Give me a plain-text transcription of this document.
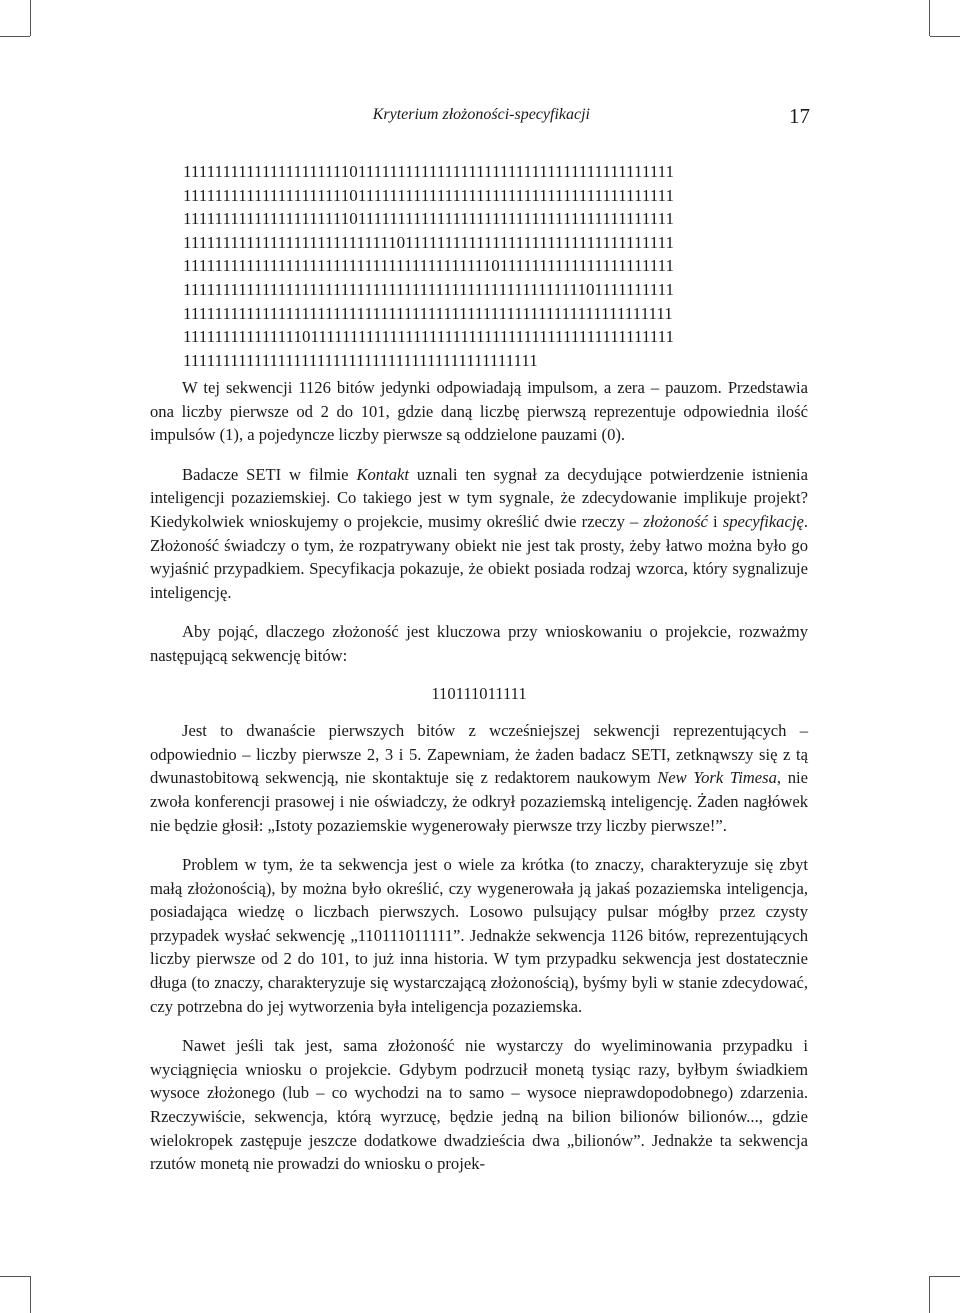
Kryterium złożoności-specyfikacji	17
11111111111111111111101111111111111111111111111111111111111111
11111111111111111111101111111111111111111111111111111111111111
11111111111111111111101111111111111111111111111111111111111111
11111111111111111111111111101111111111111111111111111111111111
11111111111111111111111111111111111111101111111111111111111111
11111111111111111111111111111111111111111111111111101111111111
11111111111111111111111111111111111111111111111111111111111111
11111111111111101111111111111111111111111111111111111111111111
111111111111111111111111111111111111111111111

W tej sekwencji 1126 bitów jedynki odpowiadają impulsom, a zera – pauzom. Przedstawia ona liczby pierwsze od 2 do 101, gdzie daną liczbę pierwszą reprezentuje odpowiednia ilość impulsów (1), a pojedyncze liczby pierwsze są oddzielone pauzami (0).

Badacze SETI w filmie Kontakt uznali ten sygnał za decydujące potwierdzenie istnienia inteligencji pozaziemskiej. Co takiego jest w tym sygnale, że zdecydowanie implikuje projekt? Kiedykolwiek wnioskujemy o projekcie, musimy określić dwie rzeczy – złożoność i specyfikację. Złożoność świadczy o tym, że rozpatrywany obiekt nie jest tak prosty, żeby łatwo można było go wyjaśnić przypadkiem. Specyfikacja pokazuje, że obiekt posiada rodzaj wzorca, który sygnalizuje inteligencję.

Aby pojąć, dlaczego złożoność jest kluczowa przy wnioskowaniu o projekcie, rozważmy następującą sekwencję bitów:

110111011111

Jest to dwanaście pierwszych bitów z wcześniejszej sekwencji reprezentujących – odpowiednio – liczby pierwsze 2, 3 i 5. Zapewniam, że żaden badacz SETI, zetknąwszy się z tą dwunastobitową sekwencją, nie skontaktuje się z redaktorem naukowym New York Timesa, nie zwoła konferencji prasowej i nie oświadczy, że odkrył pozaziemską inteligencję. Żaden nagłówek nie będzie głosił: „Istoty pozaziemskie wygenerowały pierwsze trzy liczby pierwsze!”.

Problem w tym, że ta sekwencja jest o wiele za krótka (to znaczy, charakteryzuje się zbyt małą złożonością), by można było określić, czy wygenerowała ją jakaś pozaziemska inteligencja, posiadająca wiedzę o liczbach pierwszych. Losowo pulsujący pulsar mógłby przez czysty przypadek wysłać sekwencję „110111011111”. Jednakże sekwencja 1126 bitów, reprezentujących liczby pierwsze od 2 do 101, to już inna historia. W tym przypadku sekwencja jest dostatecznie długa (to znaczy, charakteryzuje się wystarczającą złożonością), byśmy byli w stanie zdecydować, czy potrzebna do jej wytworzenia była inteligencja pozaziemska.

Nawet jeśli tak jest, sama złożoność nie wystarczy do wyeliminowania przypadku i wyciągnięcia wniosku o projekcie. Gdybym podrzucił monetą tysiąc razy, byłbym świadkiem wysoce złożonego (lub – co wychodzi na to samo – wysoce nieprawdopodobnego) zdarzenia. Rzeczywiście, sekwencja, którą wyrzucę, będzie jedną na bilion bilionów bilionów..., gdzie wielokropek zastępuje jeszcze dodatkowe dwadzieścia dwa „bilionów”. Jednakże ta sekwencja rzutów monetą nie prowadzi do wniosku o projek-
